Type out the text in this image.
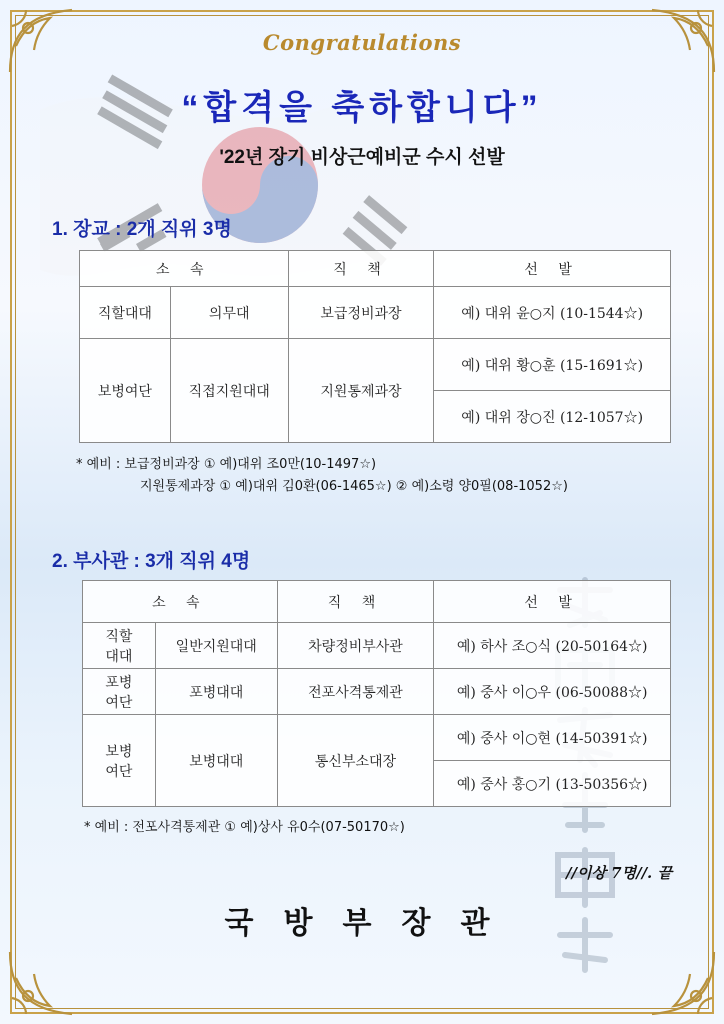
Congratulations
“합격을 축하합니다”
'22년 장기 비상근예비군 수시 선발
1. 장교 : 2개 직위 3명
소 속		직 책	선 발
직할대대	의무대	보급정비과장	예) 대위 윤○지 (10-1544☆)
보병여단	직접지원대대	지원통제과장	예) 대위 황○훈 (15-1691☆)
			예) 대위 장○진 (12-1057☆)
* 예비 : 보급정비과장 ① 예)대위 조0만(10-1497☆)
지원통제과장 ① 예)대위 김0환(06-1465☆) ② 예)소령 양0필(08-1052☆)
2. 부사관 : 3개 직위 4명
소 속		직 책	선 발

직할
대대	일반지원대대	차량정비부사관	예) 하사 조○식 (20-50164☆)

포병
여단	포병대대	전포사격통제관	예) 중사 이○우 (06-50088☆)

보병
여단	보병대대	통신부소대장	예) 중사 이○현 (14-50391☆)
			예) 중사 홍○기 (13-50356☆)
* 예비 : 전포사격통제관 ① 예)상사 유0수(07-50170☆)
//이상 7명//. 끝
국방부장관
